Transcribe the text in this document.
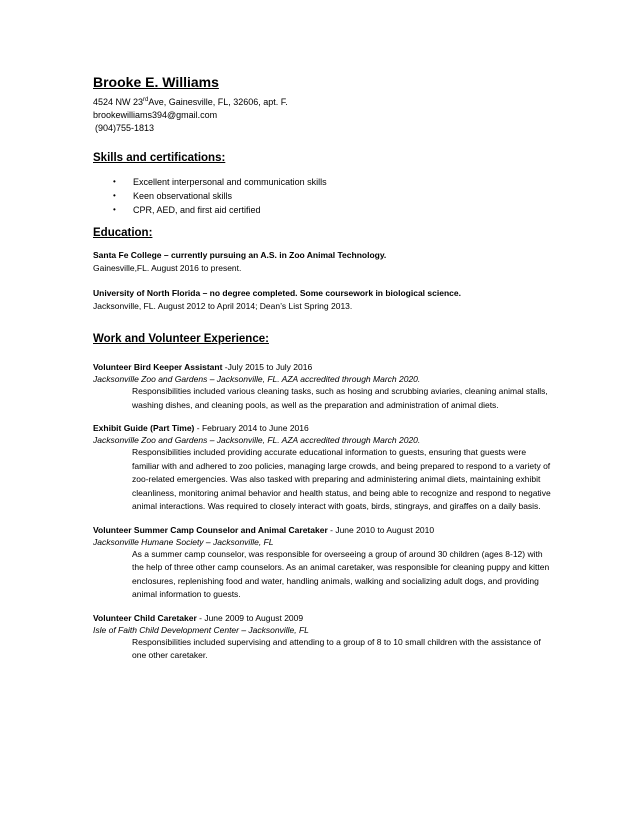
Brooke E. Williams
4524 NW 23rdAve, Gainesville, FL, 32606, apt. F.
brookewilliams394@gmail.com
(904)755-1813
Skills and certifications:
• Excellent interpersonal and communication skills
• Keen observational skills
• CPR, AED, and first aid certified
Education:
Santa Fe College – currently pursuing an A.S. in Zoo Animal Technology.
Gainesville,FL. August 2016 to present.
University of North Florida – no degree completed. Some coursework in biological science.
Jacksonville, FL. August 2012 to April 2014; Dean’s List Spring 2013.
Work and Volunteer Experience:
Volunteer Bird Keeper Assistant -July 2015 to July 2016
Jacksonville Zoo and Gardens – Jacksonville, FL. AZA accredited through March 2020.

Responsibilities included various cleaning tasks, such as hosing and scrubbing aviaries, cleaning animal stalls, washing dishes, and cleaning pools, as well as the preparation and administration of animal diets.

Exhibit Guide (Part Time) - February 2014 to June 2016
Jacksonville Zoo and Gardens – Jacksonville, FL. AZA accredited through March 2020.

Responsibilities included providing accurate educational information to guests, ensuring that guests were familiar with and adhered to zoo policies, managing large crowds, and being prepared to respond to a variety of zoo-related emergencies. Was also tasked with preparing and administering animal diets, maintaining exhibit cleanliness, monitoring animal behavior and health status, and being able to recognize and respond to negative animal interactions. Was required to closely interact with goats, birds, stingrays, and giraffes on a daily basis.

Volunteer Summer Camp Counselor and Animal Caretaker - June 2010 to August 2010
Jacksonville Humane Society – Jacksonville, FL

As a summer camp counselor, was responsible for overseeing a group of around 30 children (ages 8-12) with the help of three other camp counselors. As an animal caretaker, was responsible for cleaning puppy and kitten enclosures, replenishing food and water, handling animals, walking and socializing adult dogs, and providing animal information to guests.

Volunteer Child Caretaker - June 2009 to August 2009
Isle of Faith Child Development Center – Jacksonville, FL

Responsibilities included supervising and attending to a group of 8 to 10 small children with the assistance of one other caretaker.
